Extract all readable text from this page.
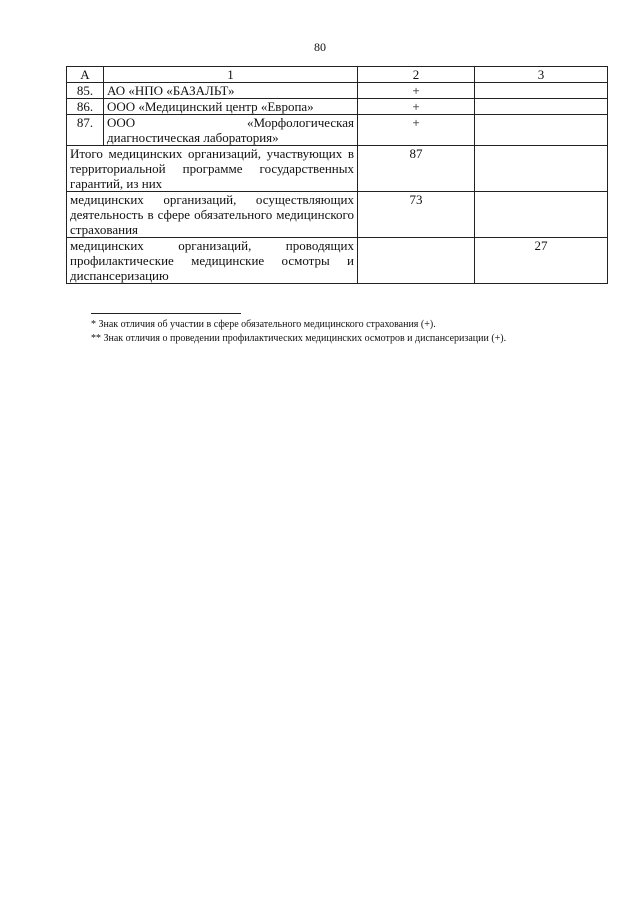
80
А	1	2	3
85.	АО «НПО «БАЗАЛЬТ»	+	
86.	ООО «Медицинский центр «Европа»	+	
87.	ООО «Морфологическая
диагностическая лаборатория»	+	
Итого медицинских организаций, участвующих в территориальной программе государственных гарантий, из них		87	
медицинских организаций, осуществляющих деятельность в сфере обязательного медицинского страхования		73	
медицинских организаций, проводящих профилактические медицинские осмотры и диспансеризацию			27
* Знак отличия об участии в сфере обязательного медицинского страхования (+).
** Знак отличия о проведении профилактических медицинских осмотров и диспансеризации (+).
